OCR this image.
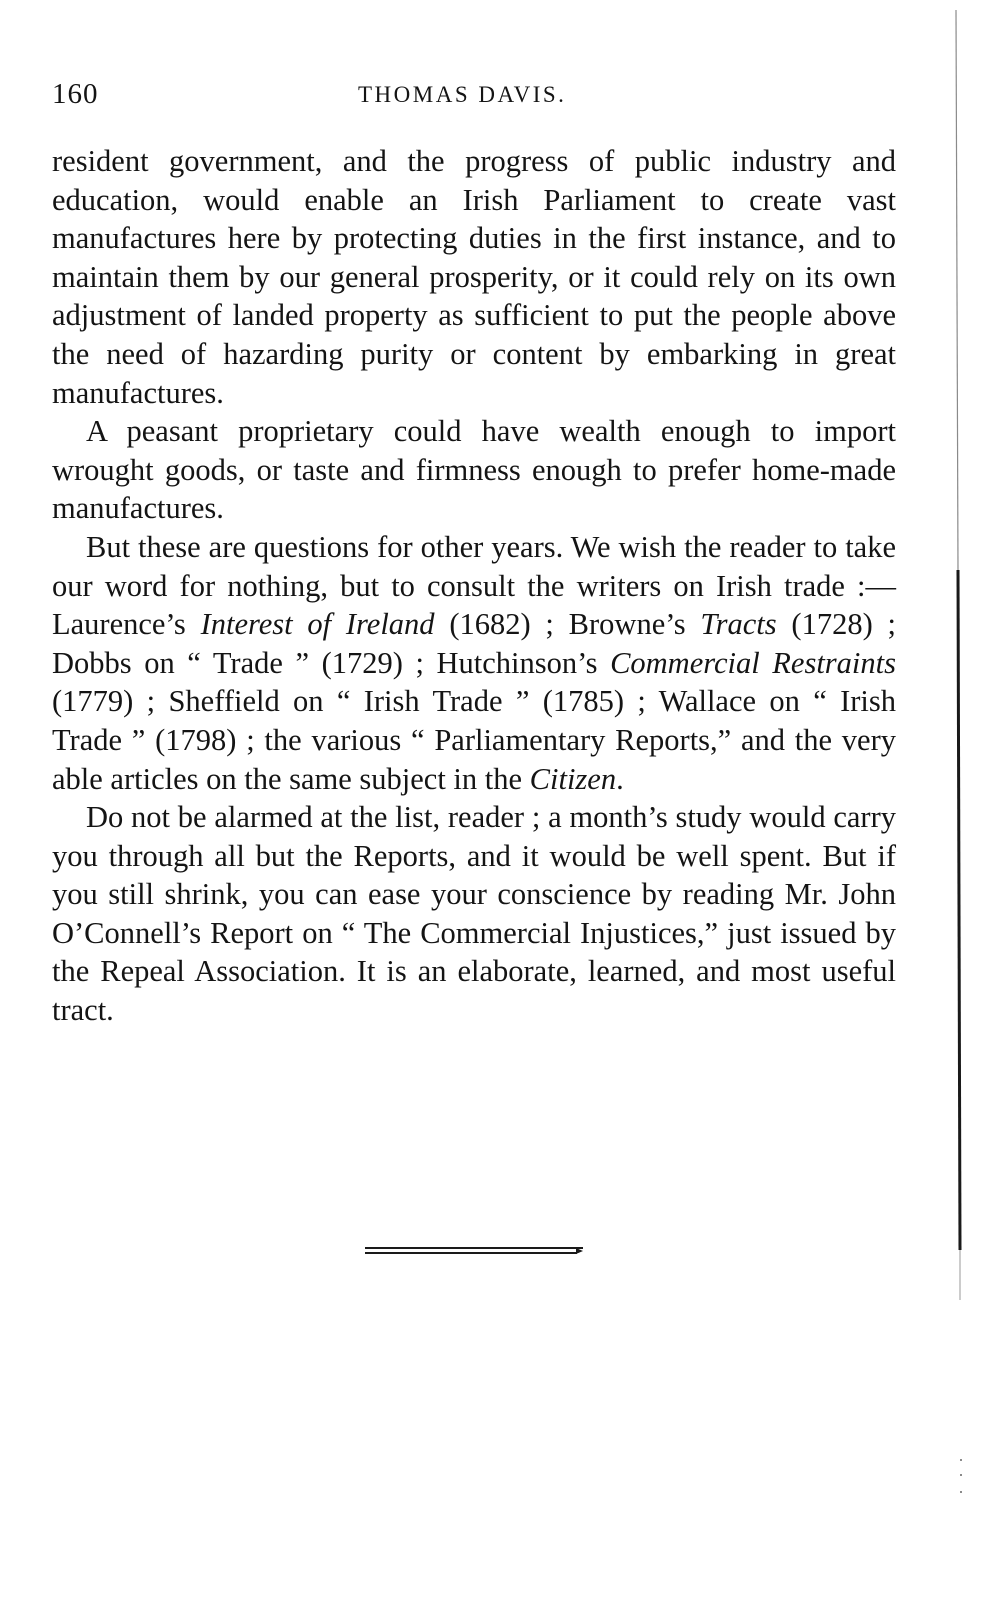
160	THOMAS DAVIS.

resident government, and the progress of public industry and education, would enable an Irish Parliament to create vast manufactures here by protecting duties in the first instance, and to maintain them by our general prosperity, or it could rely on its own adjustment of landed property as sufficient to put the people above the need of hazarding purity or content by embarking in great manufactures.

A peasant proprietary could have wealth enough to import wrought goods, or taste and firmness enough to prefer home-made manufactures.

But these are questions for other years. We wish the reader to take our word for nothing, but to consult the writers on Irish trade :—Laurence’s Interest of Ireland (1682) ; Browne’s Tracts (1728) ; Dobbs on “ Trade ” (1729) ; Hutchinson’s Commercial Restraints (1779) ; Sheffield on “ Irish Trade ” (1785) ; Wallace on “ Irish Trade ” (1798) ; the various “ Parliamentary Reports,” and the very able articles on the same subject in the Citizen.

Do not be alarmed at the list, reader ; a month’s study would carry you through all but the Reports, and it would be well spent. But if you still shrink, you can ease your conscience by reading Mr. John O’Connell’s Report on “ The Commercial Injustices,” just issued by the Repeal Association. It is an elaborate, learned, and most useful tract.
